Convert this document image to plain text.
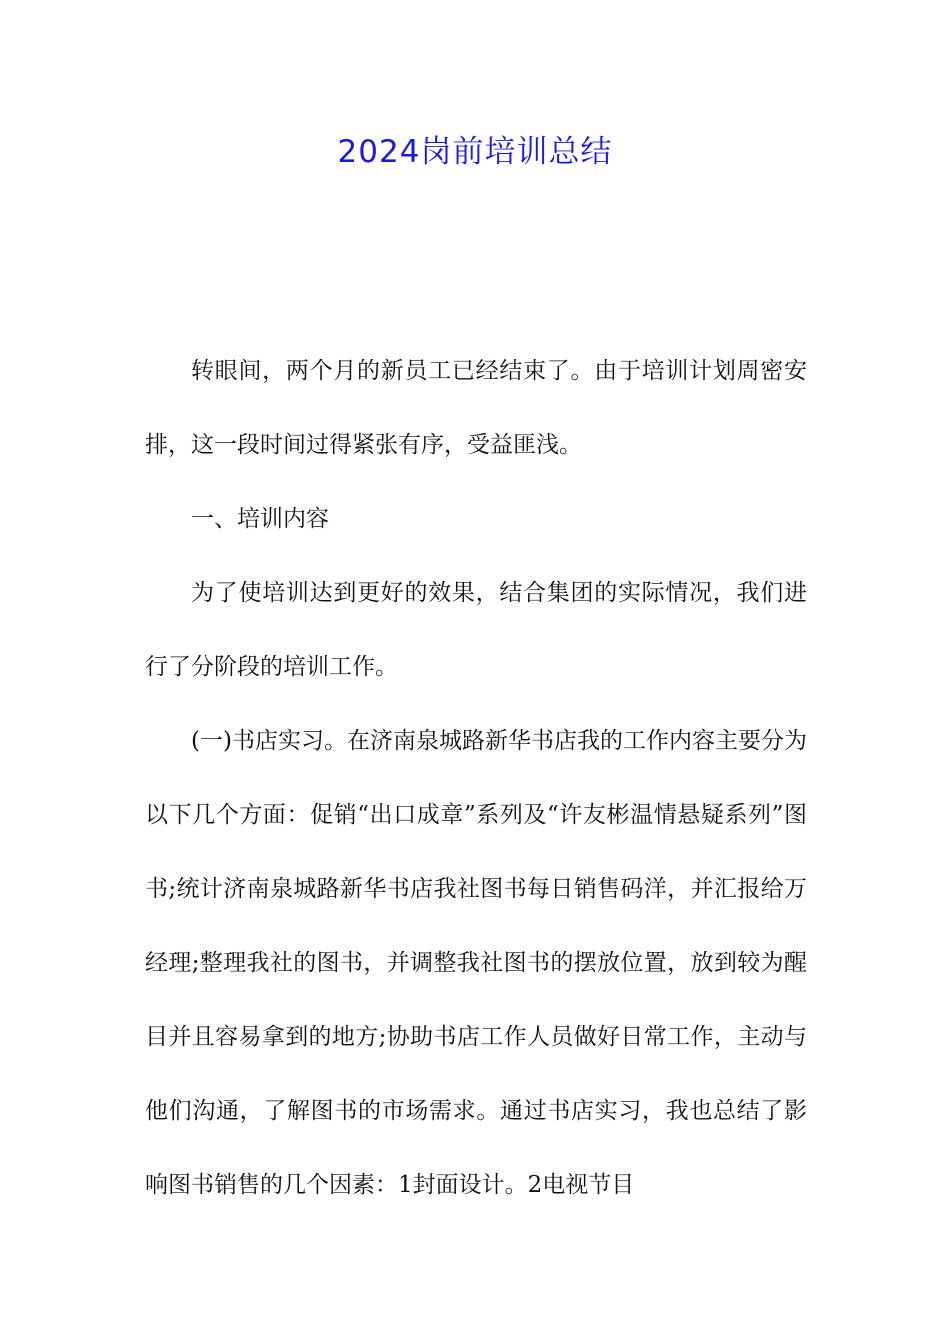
2024岗前培训总结

转眼间，两个月的新员工已经结束了。由于培训计划周密安排，这一段时间过得紧张有序，受益匪浅。

一、培训内容

为了使培训达到更好的效果，结合集团的实际情况，我们进行了分阶段的培训工作。

(一)书店实习。在济南泉城路新华书店我的工作内容主要分为以下几个方面：促销“出口成章”系列及“许友彬温情悬疑系列”图书;统计济南泉城路新华书店我社图书每日销售码洋，并汇报给万经理;整理我社的图书，并调整我社图书的摆放位置，放到较为醒目并且容易拿到的地方;协助书店工作人员做好日常工作，主动与他们沟通，了解图书的市场需求。通过书店实习，我也总结了影响图书销售的几个因素：1封面设计。2电视节目
